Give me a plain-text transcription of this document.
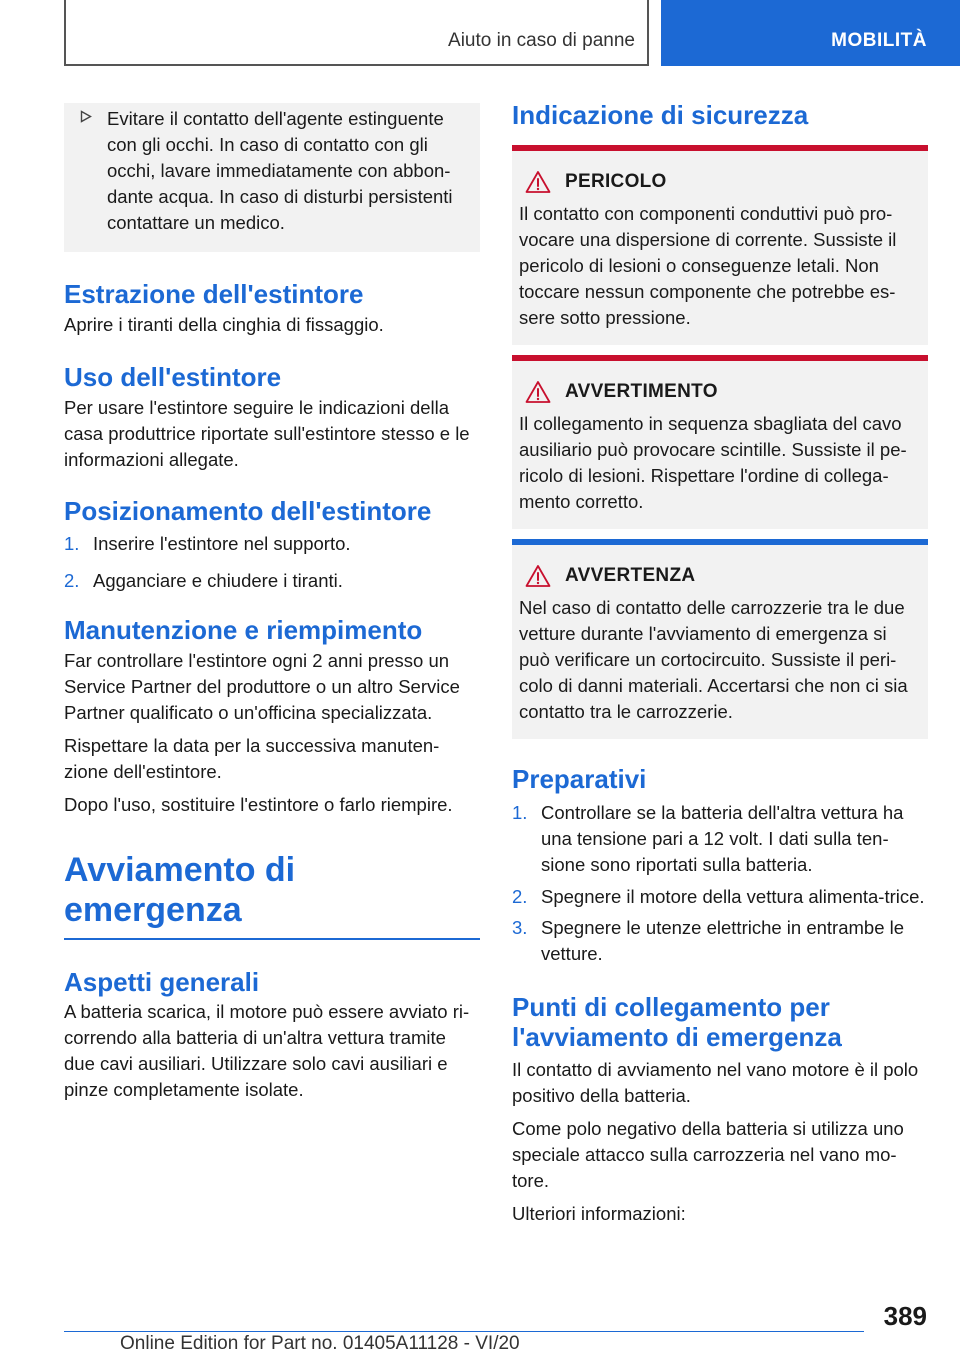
Aiuto in caso di panne	MOBILITÀ
Evitare il contatto dell'agente estinguente con gli occhi. In caso di contatto con gli occhi, lavare immediatamente con abbon-dante acqua. In caso di disturbi persistenti contattare un medico.
Estrazione dell'estintore

Aprire i tiranti della cinghia di fissaggio.

Uso dell'estintore

Per usare l'estintore seguire le indicazioni della casa produttrice riportate sull'estintore stesso e le informazioni allegate.

Posizionamento dell'estintore
1. Inserire l'estintore nel supporto.
2. Agganciare e chiudere i tiranti.
Manutenzione e riempimento

Far controllare l'estintore ogni 2 anni presso un Service Partner del produttore o un altro Service Partner qualificato o un'officina specializzata.

Rispettare la data per la successiva manuten-zione dell'estintore.

Dopo l'uso, sostituire l'estintore o farlo riempire.

Avviamento di emergenza
Aspetti generali

A batteria scarica, il motore può essere avviato ri-correndo alla batteria di un'altra vettura tramite due cavi ausiliari. Utilizzare solo cavi ausiliari e pinze completamente isolate.

Indicazione di sicurezza
PERICOLO
Il contatto con componenti conduttivi può pro-vocare una dispersione di corrente. Sussiste il pericolo di lesioni o conseguenze letali. Non toccare nessun componente che potrebbe es-sere sotto pressione.
AVVERTIMENTO
Il collegamento in sequenza sbagliata del cavo ausiliario può provocare scintille. Sussiste il pe-ricolo di lesioni. Rispettare l'ordine di collega-mento corretto.
AVVERTENZA
Nel caso di contatto delle carrozzerie tra le due vetture durante l'avviamento di emergenza si può verificare un cortocircuito. Sussiste il peri-colo di danni materiali. Accertarsi che non ci sia contatto tra le carrozzerie.
Preparativi
1. Controllare se la batteria dell'altra vettura ha una tensione pari a 12 volt. I dati sulla ten-sione sono riportati sulla batteria.
2. Spegnere il motore della vettura alimenta-trice.
3. Spegnere le utenze elettriche in entrambe le vetture.
Punti di collegamento per l'avviamento di emergenza

Il contatto di avviamento nel vano motore è il polo positivo della batteria.

Come polo negativo della batteria si utilizza uno speciale attacco sulla carrozzeria nel vano mo-tore.

Ulteriori informazioni:

389
Online Edition for Part no. 01405A11128 - VI/20
